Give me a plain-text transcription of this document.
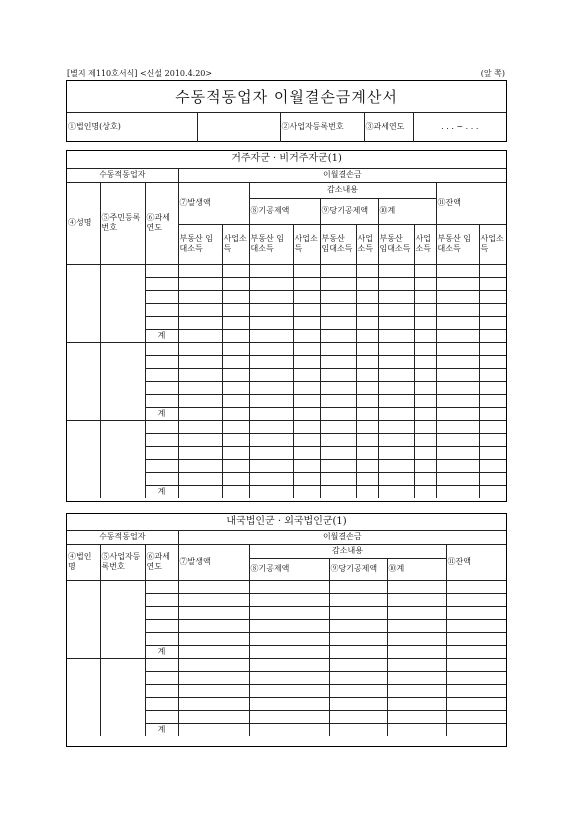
[별지 제110호서식] <신설 2010.4.20>	(앞 쪽)
수동적동업자 이월결손금계산서
①법인명(상호)		②사업자등록번호	③과세연도	. . . ~ . . .
거주자군 · 비거주자군(1)												
수동적동업자			이월결손금									
④성명	⑤주민등록번호	⑥과세연도	⑦발생액		감소내용						⑪잔액	
					⑧기공제액		⑨당기공제액		⑩계			
			부동산 임대소득	사업소득	부동산 임대소득	사업소득	부동산 임대소득	사업소득	부동산 임대소득	사업소득	부동산 임대소득	사업소득

		계										

		계										

		계										
내국법인군 · 외국법인군(1)							
수동적동업자			이월결손금				
④법인명	⑤사업자등록번호	⑥과세연도	⑦발생액	감소내용			⑪잔액
				⑧기공제액	⑨당기공제액	⑩계	

		계					

		계					
